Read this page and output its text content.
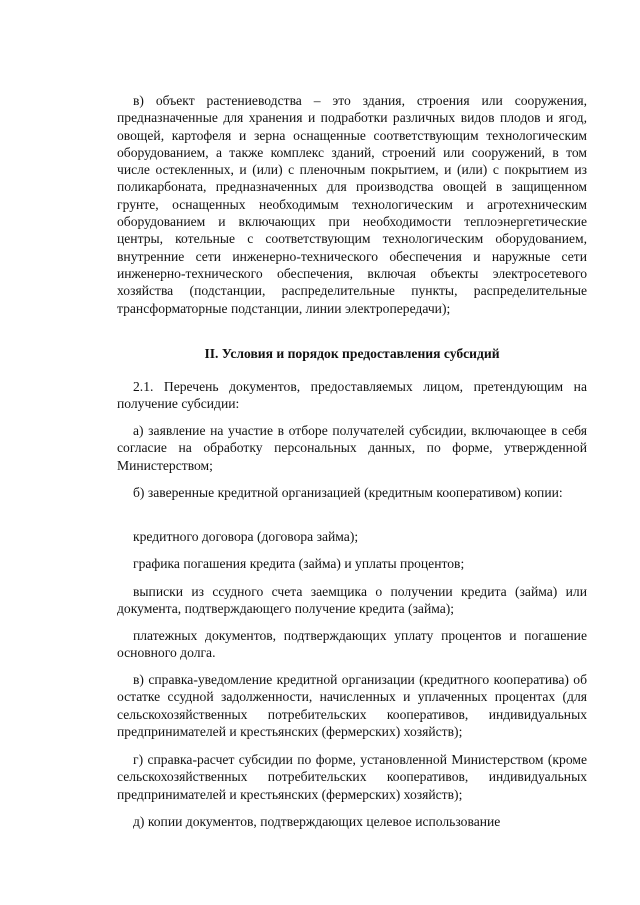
в) объект растениеводства – это здания, строения или сооружения, предназначенные для хранения и подработки различных видов плодов и ягод, овощей, картофеля и зерна оснащенные соответствующим технологическим оборудованием, а также комплекс зданий, строений или сооружений, в том числе остекленных, и (или) с пленочным покрытием, и (или) с покрытием из поликарбоната, предназначенных для производства овощей в защищенном грунте, оснащенных необходимым технологическим и агротехническим оборудованием и включающих при необходимости теплоэнергетические центры, котельные с соответствующим технологическим оборудованием, внутренние сети инженерно-технического обеспечения и наружные сети инженерно-технического обеспечения, включая объекты электросетевого хозяйства (подстанции, распределительные пункты, распределительные трансформаторные подстанции, линии электропередачи);

II. Условия и порядок предоставления субсидий

2.1. Перечень документов, предоставляемых лицом, претендующим на получение субсидии:

а) заявление на участие в отборе получателей субсидии, включающее в себя согласие на обработку персональных данных, по форме, утвержденной Министерством;

б) заверенные кредитной организацией (кредитным кооперативом) копии:

кредитного договора (договора займа);

графика погашения кредита (займа) и уплаты процентов;

выписки из ссудного счета заемщика о получении кредита (займа) или документа, подтверждающего получение кредита (займа);

платежных документов, подтверждающих уплату процентов и погашение основного долга.

в) справка-уведомление кредитной организации (кредитного кооператива) об остатке ссудной задолженности, начисленных и уплаченных процентах (для сельскохозяйственных потребительских кооперативов, индивидуальных предпринимателей и крестьянских (фермерских) хозяйств);

г) справка-расчет субсидии по форме, установленной Министерством (кроме сельскохозяйственных потребительских кооперативов, индивидуальных предпринимателей и крестьянских (фермерских) хозяйств);

д) копии документов, подтверждающих целевое использование
